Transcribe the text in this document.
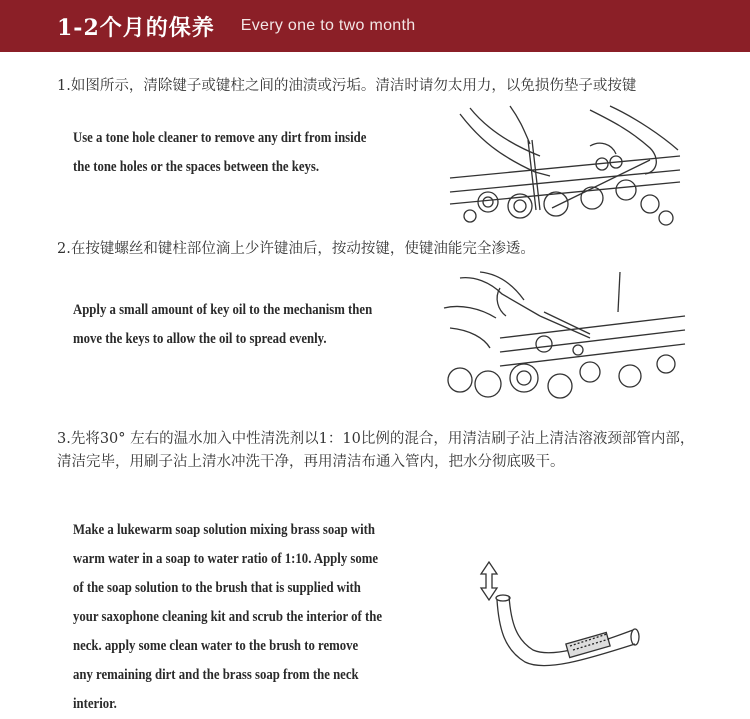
1-2个月的保养 Every one to two month
1.如图所示，清除键子或键柱之间的油渍或污垢。清洁时请勿太用力，以免损伤垫子或按键
Use a tone hole cleaner to remove any dirt from inside
the tone holes or the spaces between the keys.
2.在按键螺丝和键柱部位滴上少许键油后，按动按键，使键油能完全渗透。
Apply a small amount of key oil to the mechanism then
move the keys to allow the oil to spread evenly.
3.先将30° 左右的温水加入中性清洗剂以1：10比例的混合，用清洁刷子沾上清洁溶液颈部管内部，清洁完毕，用刷子沾上清水冲洗干净，再用清洁布通入管内，把水分彻底吸干。
Make a lukewarm soap solution mixing brass soap with
warm water in a soap to water ratio of 1:10. Apply some
of the soap solution to the brush that is supplied with
your saxophone cleaning kit and scrub the interior of the
neck. apply some clean water to the brush to remove
any remaining dirt and the brass soap from the neck
interior.
